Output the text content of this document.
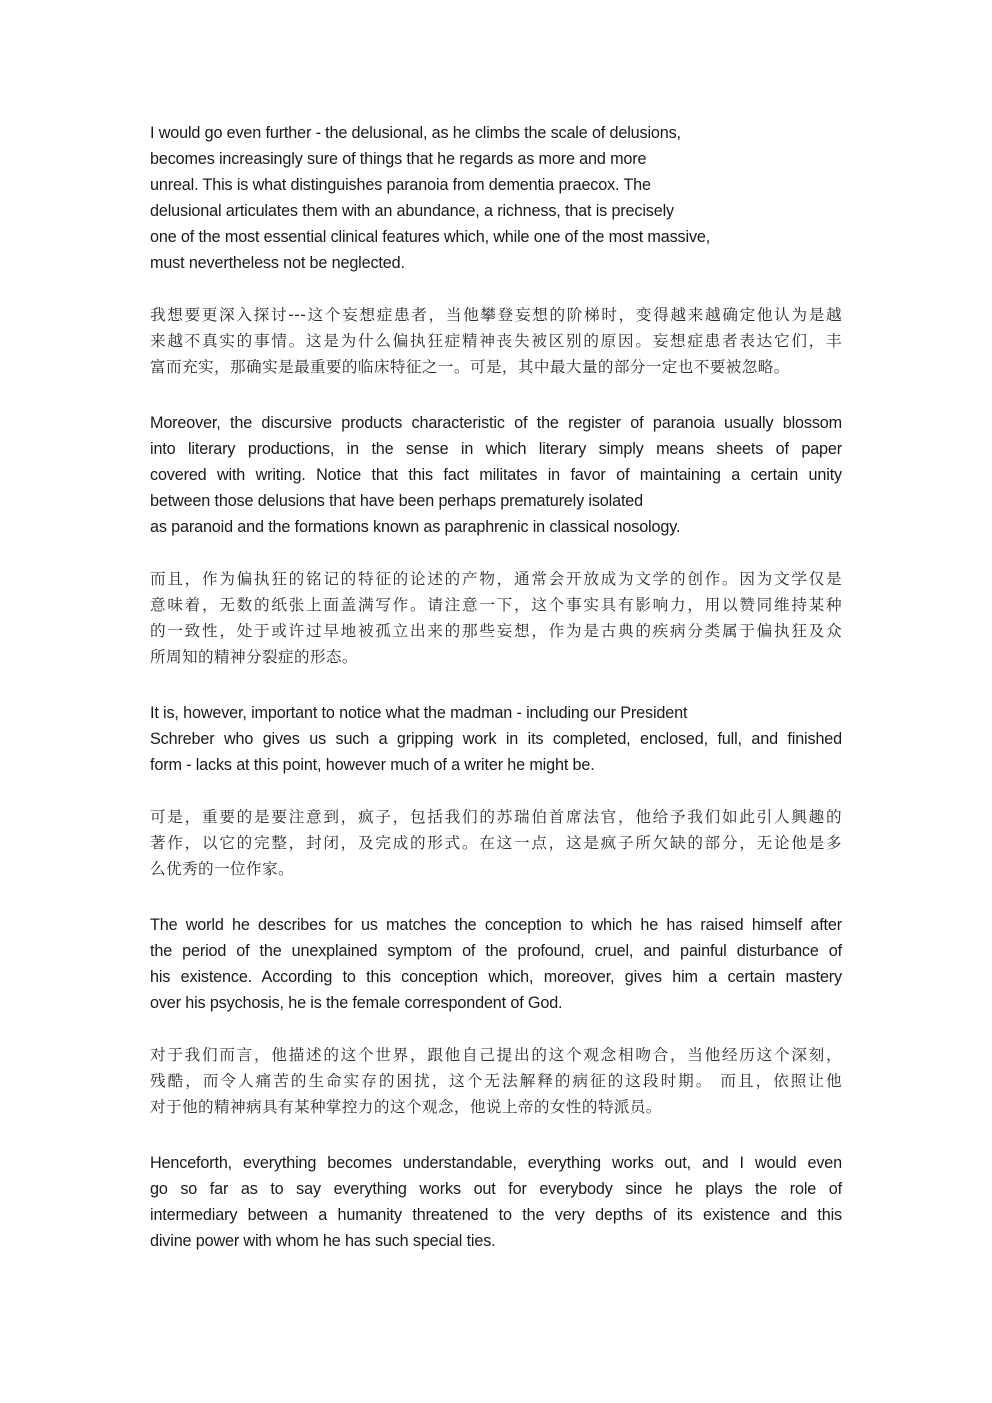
I would go even further - the delusional, as he climbs the scale of delusions,
becomes increasingly sure of things that he regards as more and more
unreal. This is what distinguishes paranoia from dementia praecox. The
delusional articulates them with an abundance, a richness, that is precisely
one of the most essential clinical features which, while one of the most massive,
must nevertheless not be neglected.

我想要更深入探讨---这个妄想症患者，当他攀登妄想的阶梯时，变得越来越确定他认为是越
来越不真实的事情。这是为什么偏执狂症精神丧失被区别的原因。妄想症患者表达它们，丰
富而充实，那确实是最重要的临床特征之一。可是，其中最大量的部分一定也不要被忽略。

Moreover, the discursive products characteristic of the register of paranoia usually blossom
into literary productions, in the sense in which literary simply means sheets of paper
covered with writing. Notice that this fact militates in favor of maintaining a certain unity
between those delusions that have been perhaps prematurely isolated
as paranoid and the formations known as paraphrenic in classical nosology.

而且，作为偏执狂的铭记的特征的论述的产物，通常会开放成为文学的创作。因为文学仅是
意味着，无数的纸张上面盖满写作。请注意一下，这个事实具有影响力，用以赞同维持某种
的一致性，处于或许过早地被孤立出来的那些妄想，作为是古典的疾病分类属于偏执狂及众
所周知的精神分裂症的形态。

It is, however, important to notice what the madman - including our President
Schreber who gives us such a gripping work in its completed, enclosed, full, and finished
form - lacks at this point, however much of a writer he might be.

可是，重要的是要注意到，疯子，包括我们的苏瑞伯首席法官，他给予我们如此引人興趣的
著作，以它的完整，封闭，及完成的形式。在这一点，这是疯子所欠缺的部分，无论他是多
么优秀的一位作家。

The world he describes for us matches the conception to which he has raised himself after
the period of the unexplained symptom of the profound, cruel, and painful disturbance of
his existence. According to this conception which, moreover, gives him a certain mastery
over his psychosis, he is the female correspondent of God.

对于我们而言，他描述的这个世界，跟他自己提出的这个观念相吻合，当他经历这个深刻，
残酷，而令人痛苦的生命实存的困扰，这个无法解释的病征的这段时期。 而且，依照让他
对于他的精神病具有某种掌控力的这个观念，他说上帝的女性的特派员。

Henceforth, everything becomes understandable, everything works out, and I would even
go so far as to say everything works out for everybody since he plays the role of
intermediary between a humanity threatened to the very depths of its existence and this
divine power with whom he has such special ties.
